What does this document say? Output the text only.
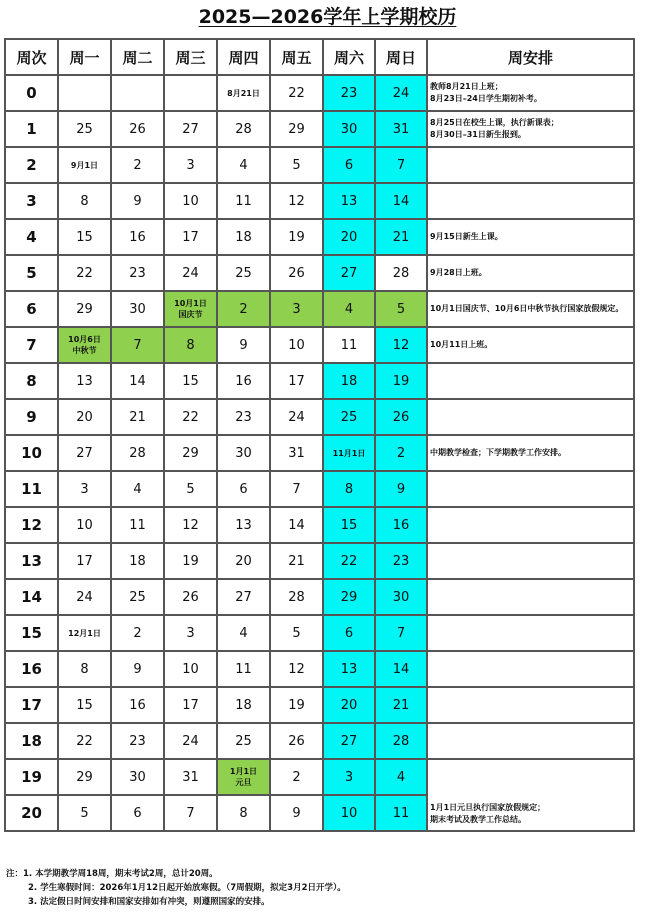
2025—2026学年上学期校历
周次	周一	周二	周三	周四	周五	周六	周日	周安排
0				8月21日	22	23	24	教师8月21日上班；
8月23日–24日学生期初补考。
1	25	26	27	28	29	30	31	8月25日在校生上课，执行新课表；
8月30日–31日新生报到。
2	9月1日	2	3	4	5	6	7	
3	8	9	10	11	12	13	14	
4	15	16	17	18	19	20	21	9月15日新生上课。
5	22	23	24	25	26	27	28	9月28日上班。
6	29	30	10月1日
国庆节	2	3	4	5	10月1日国庆节、10月6日中秋节执行国家放假规定。
7	10月6日
中秋节	7	8	9	10	11	12	10月11日上班。
8	13	14	15	16	17	18	19	
9	20	21	22	23	24	25	26	
10	27	28	29	30	31	11月1日	2	中期教学检查；下学期教学工作安排。
11	3	4	5	6	7	8	9	
12	10	11	12	13	14	15	16	
13	17	18	19	20	21	22	23	
14	24	25	26	27	28	29	30	
15	12月1日	2	3	4	5	6	7	
16	8	9	10	11	12	13	14	
17	15	16	17	18	19	20	21	
18	22	23	24	25	26	27	28	
19	29	30	31	1月1日
元旦	2	3	4	1月1日元旦执行国家放假规定；
期末考试及教学工作总结。
20	5	6	7	8	9	10	11	
注：1. 本学期教学周18周，期末考试2周，总计20周。
2. 学生寒假时间：2026年1月12日起开始放寒假。（7周假期，拟定3月2日开学）。
3. 法定假日时间安排和国家安排如有冲突，则遵照国家的安排。
